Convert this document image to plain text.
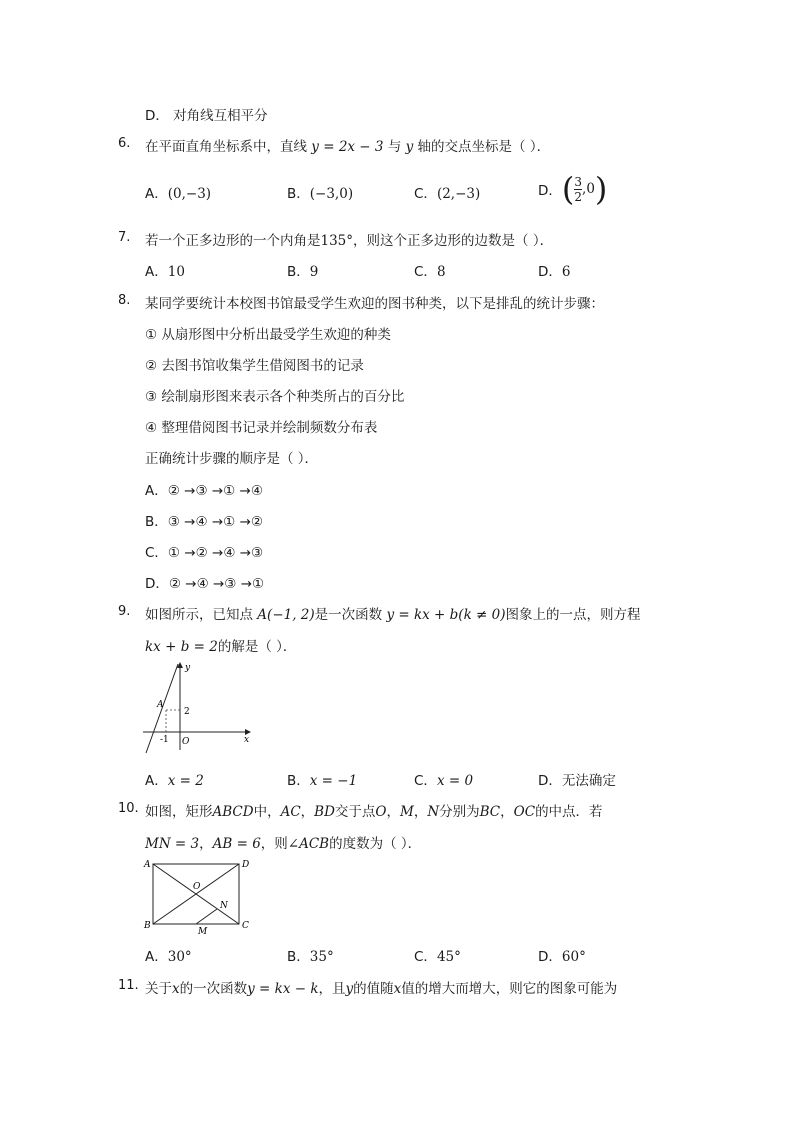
D． 对角线互相平分
6. 在平面直角坐标系中，直线 y = 2x − 3 与 y 轴的交点坐标是（ ）．
A．(0,−3)	B．(−3,0)	C．(2,−3)	D．( $\frac{3}{2} ,0$)
7. 若一个正多边形的一个内角是135°，则这个正多边形的边数是（ ）．
A．10	B．9	C．8	D．6
8. 某同学要统计本校图书馆最受学生欢迎的图书种类，以下是排乱的统计步骤：
① 从扇形图中分析出最受学生欢迎的种类
② 去图书馆收集学生借阅图书的记录
③ 绘制扇形图来表示各个种类所占的百分比
④ 整理借阅图书记录并绘制频数分布表
正确统计步骤的顺序是（ ）．
A．② →③ →① →④
B．③ →④ →① →②
C．① →② →④ →③
D．② →④ →③ →①
9. 如图所示，已知点 A(−1, 2)是一次函数 y = kx + b(k ≠ 0)图象上的一点，则方程
kx + b = 2的解是（ ）．
A
2
-1 O	x
y
A．x = 2	B．x = −1	C．x = 0	D．无法确定
10. 如图，矩形ABCD中，AC，BD交于点O，M，N分别为BC，OC的中点．若
MN = 3，AB = 6，则∠ACB的度数为（ ）．
A	D
B	C
O
N
M
A．30°	B．35°	C．45°	D．60°
11. 关于x的一次函数y = kx − k，且y的值随x值的增大而增大，则它的图象可能为
